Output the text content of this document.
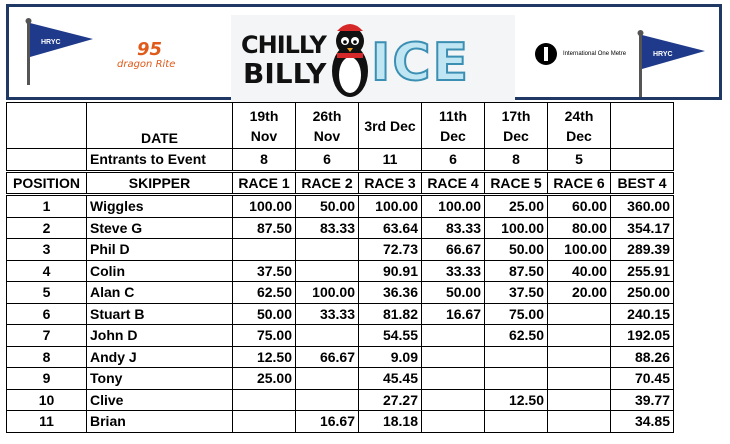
HRYC	95
dragon Rite
CHILLY
BILLY ICE	International One Metre	HRYC
	DATE	19th Nov	26th Nov	3rd Dec	11th Dec	17th Dec	24th Dec	
	Entrants to Event	8	6	11	6	8	5	
POSITION	SKIPPER	RACE 1	RACE 2	RACE 3	RACE 4	RACE 5	RACE 6	BEST 4
1	Wiggles	100.00	50.00	100.00	100.00	25.00	60.00	360.00
2	Steve G	87.50	83.33	63.64	83.33	100.00	80.00	354.17
3	Phil D			72.73	66.67	50.00	100.00	289.39
4	Colin	37.50		90.91	33.33	87.50	40.00	255.91
5	Alan C	62.50	100.00	36.36	50.00	37.50	20.00	250.00
6	Stuart B	50.00	33.33	81.82	16.67	75.00		240.15
7	John D	75.00		54.55		62.50		192.05
8	Andy J	12.50	66.67	9.09				88.26
9	Tony	25.00		45.45				70.45
10	Clive			27.27		12.50		39.77
11	Brian		16.67	18.18				34.85
